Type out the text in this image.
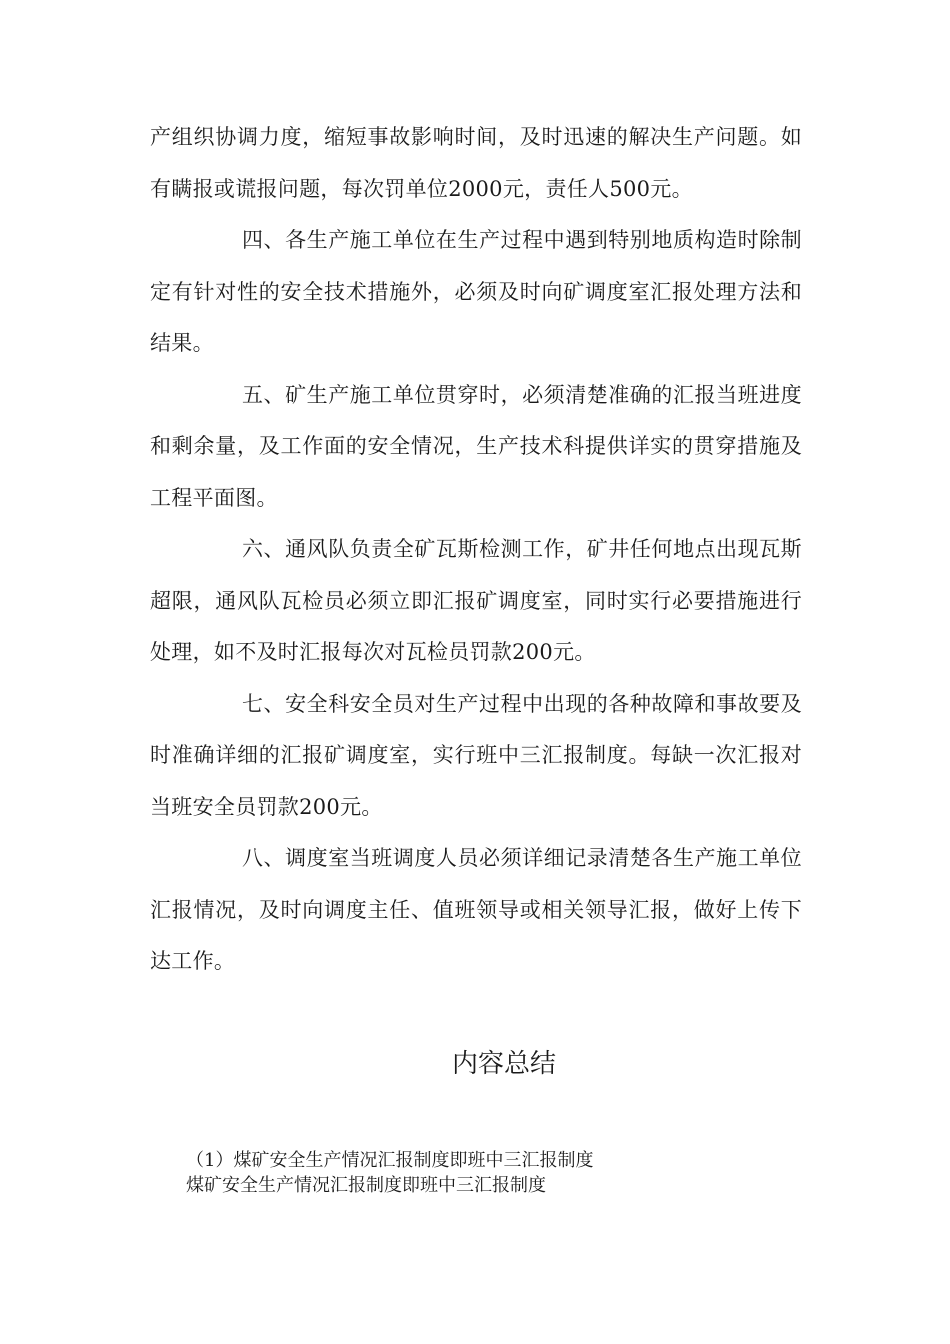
产组织协调力度，缩短事故影响时间，及时迅速的解决生产问题。如有瞒报或谎报问题，每次罚单位2000元，责任人500元。

四、各生产施工单位在生产过程中遇到特别地质构造时除制定有针对性的安全技术措施外，必须及时向矿调度室汇报处理方法和结果。

五、矿生产施工单位贯穿时，必须清楚准确的汇报当班进度和剩余量，及工作面的安全情况，生产技术科提供详实的贯穿措施及工程平面图。

六、通风队负责全矿瓦斯检测工作，矿井任何地点出现瓦斯超限，通风队瓦检员必须立即汇报矿调度室，同时实行必要措施进行处理，如不及时汇报每次对瓦检员罚款200元。

七、安全科安全员对生产过程中出现的各种故障和事故要及时准确详细的汇报矿调度室，实行班中三汇报制度。每缺一次汇报对当班安全员罚款200元。

八、调度室当班调度人员必须详细记录清楚各生产施工单位汇报情况，及时向调度主任、值班领导或相关领导汇报，做好上传下达工作。

内容总结

（1）煤矿安全生产情况汇报制度即班中三汇报制度

煤矿安全生产情况汇报制度即班中三汇报制度
